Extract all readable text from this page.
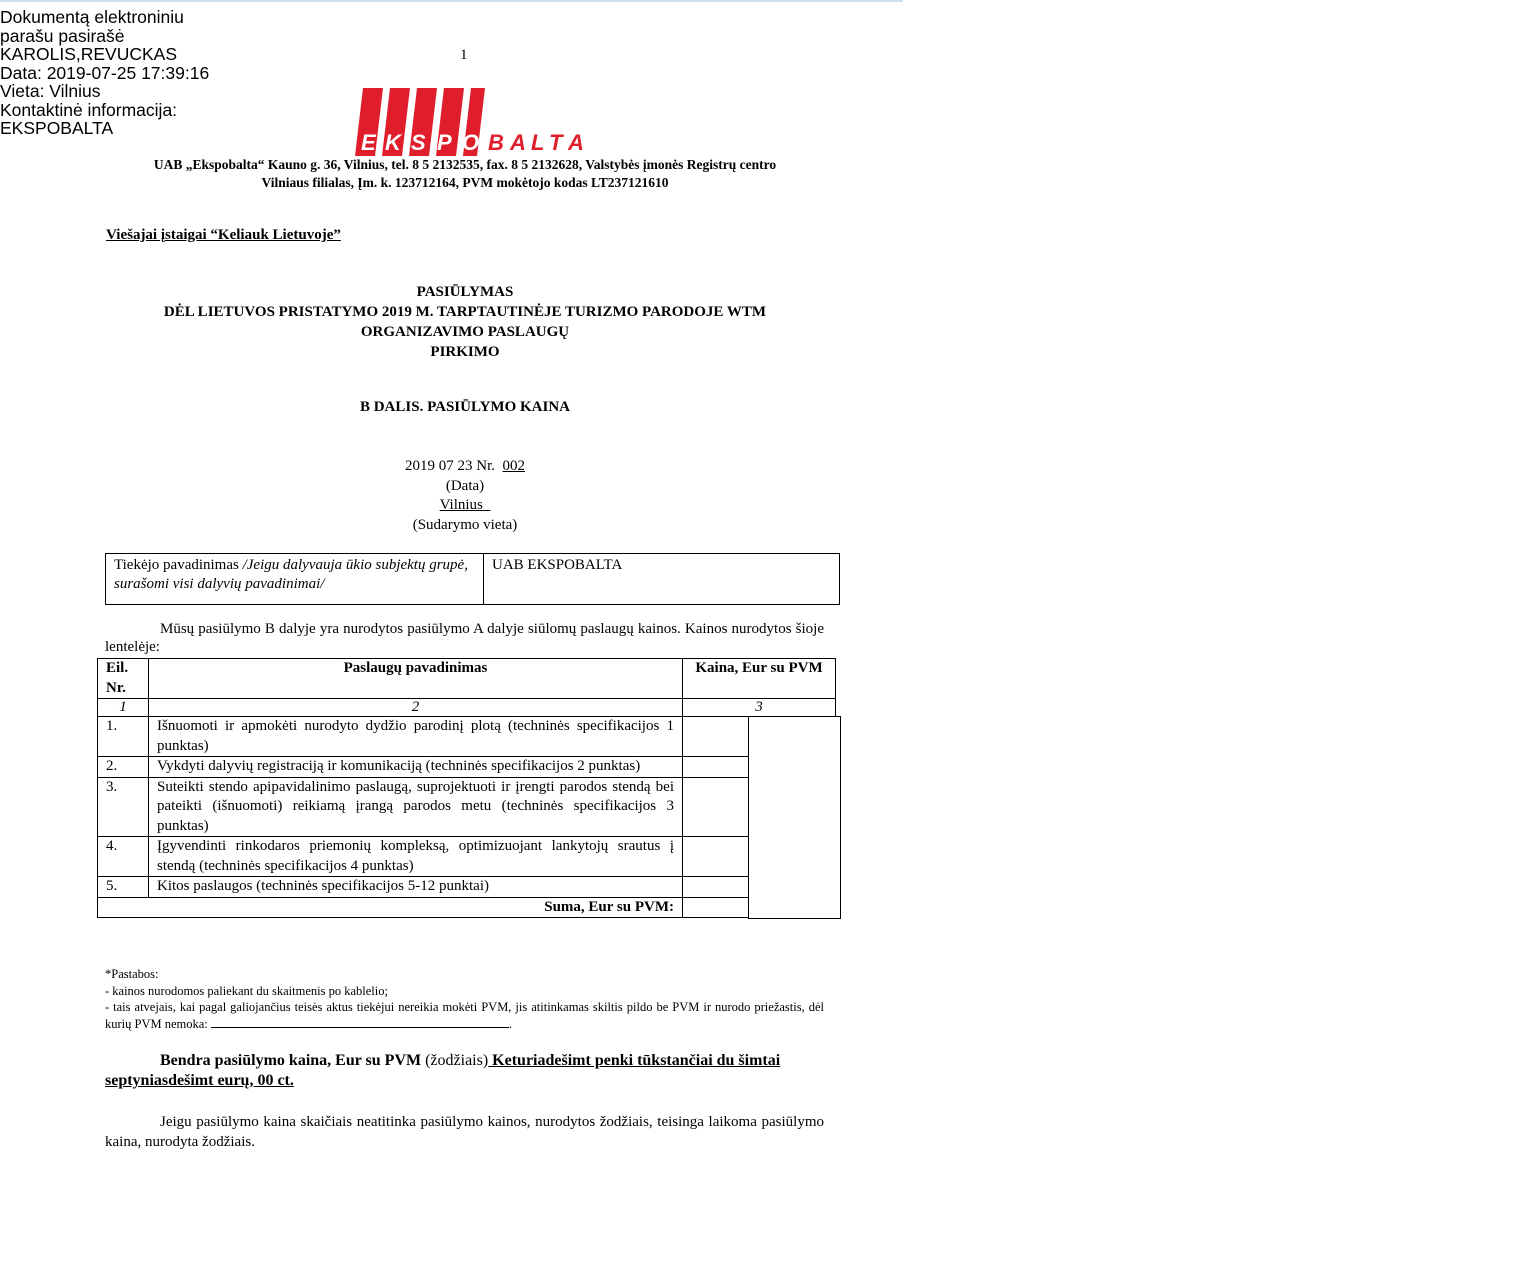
Dokumentą elektroniniu
parašu pasirašė
KAROLIS,REVUCKAS
Data: 2019-07-25 17:39:16
Vieta: Vilnius
Kontaktinė informacija:
EKSPOBALTA
1
E K S P O B A L T A
UAB „Ekspobalta“ Kauno g. 36, Vilnius, tel. 8 5 2132535, fax. 8 5 2132628, Valstybės įmonės Registrų centro
Vilniaus filialas, Įm. k. 123712164, PVM mokėtojo kodas LT237121610
Viešajai įstaigai “Keliauk Lietuvoje”
PASIŪLYMAS
DĖL LIETUVOS PRISTATYMO 2019 M. TARPTAUTINĖJE TURIZMO PARODOJE WTM
ORGANIZAVIMO PASLAUGŲ
PIRKIMO
B DALIS. PASIŪLYMO KAINA
2019 07 23 Nr. 002
(Data)
Vilnius
(Sudarymo vieta)
Tiekėjo pavadinimas /Jeigu dalyvauja ūkio subjektų grupė, surašomi visi dalyvių pavadinimai/
UAB EKSPOBALTA
Mūsų pasiūlymo B dalyje yra nurodytos pasiūlymo A dalyje siūlomų paslaugų kainos. Kainos nurodytos šioje lentelėje:
Eil. Nr.	Paslaugų pavadinimas	Kaina, Eur su PVM
1	2	3
1.	Išnuomoti ir apmokėti nurodyto dydžio parodinį plotą (techninės specifikacijos 1 punktas)	
2.	Vykdyti dalyvių registraciją ir komunikaciją (techninės specifikacijos 2 punktas)	
3.	Suteikti stendo apipavidalinimo paslaugą, suprojektuoti ir įrengti parodos stendą bei pateikti (išnuomoti) reikiamą įrangą parodos metu (techninės specifikacijos 3 punktas)	
4.	Įgyvendinti rinkodaros priemonių kompleksą, optimizuojant lankytojų srautus į stendą (techninės specifikacijos 4 punktas)	
5.	Kitos paslaugos (techninės specifikacijos 5-12 punktai)	
Suma, Eur su PVM:	
*Pastabos:
- kainos nurodomos paliekant du skaitmenis po kablelio;
- tais atvejais, kai pagal galiojančius teisės aktus tiekėjui nereikia mokėti PVM, jis atitinkamas skiltis pildo be PVM ir nurodo priežastis, dėl kurių PVM nemoka:	.
Bendra pasiūlymo kaina, Eur su PVM (žodžiais) Keturiadešimt penki tūkstančiai du šimtai septyniasdešimt eurų, 00 ct.
Jeigu pasiūlymo kaina skaičiais neatitinka pasiūlymo kainos, nurodytos žodžiais, teisinga laikoma pasiūlymo kaina, nurodyta žodžiais.
